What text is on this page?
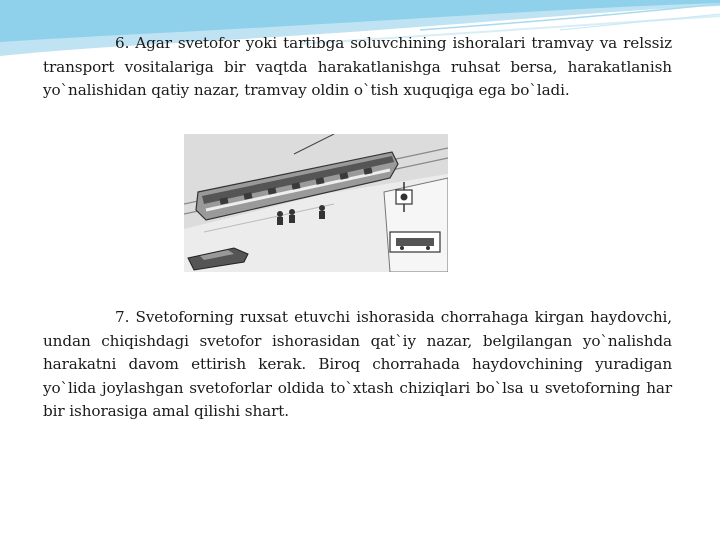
6. Agar svetofor yoki tartibga soluvchining ishoralari tramvay va relssiz transport vositalariga bir vaqtda harakatlanishga ruhsat bersa, harakatlanish yo`nalishidan qatiy nazar, tramvay oldin o`tish xuquqiga ega bo`ladi.
7. Svetoforning ruxsat etuvchi ishorasida chorrahaga kirgan haydovchi, undan chiqishdagi svetofor ishorasidan qat`iy nazar, belgilangan yo`nalishda harakatni davom ettirish kerak. Biroq chorrahada haydovchining yuradigan yo`lida joylashgan svetoforlar oldida to`xtash chiziqlari bo`lsa u svetoforning har bir ishorasiga amal qilishi shart.
